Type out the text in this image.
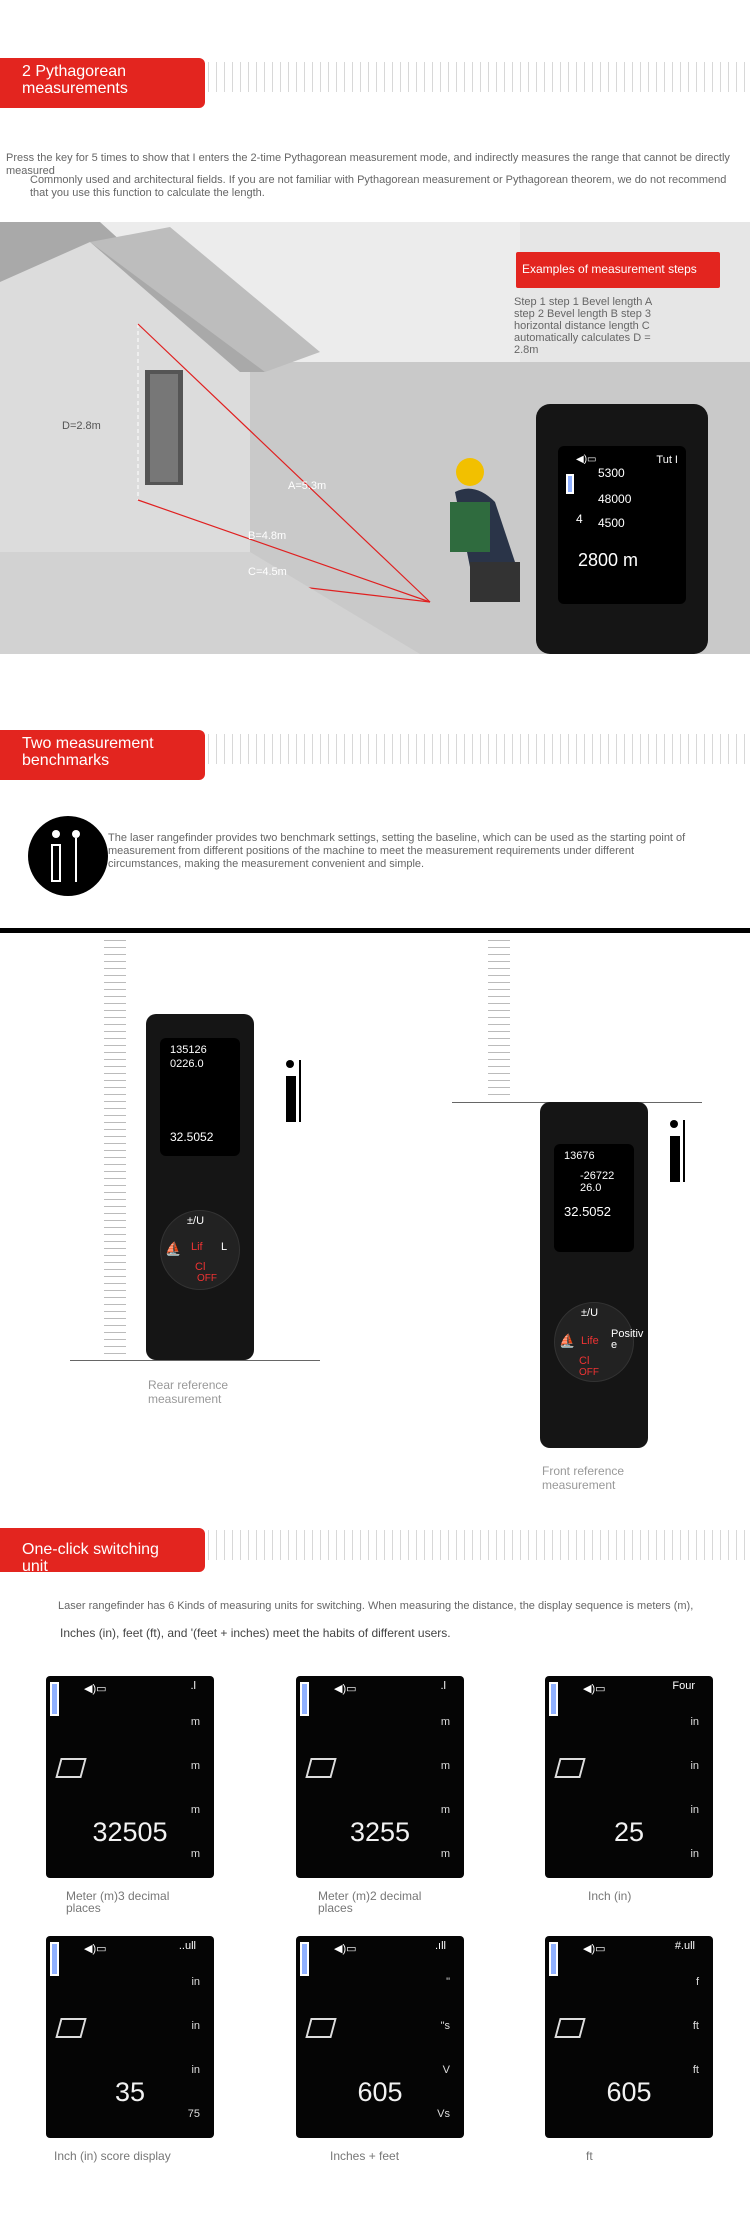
2 Pythagorean
measurements
Press the key for 5 times to show that I enters the 2-time Pythagorean measurement mode, and indirectly measures the range that cannot be directly measured
Commonly used and architectural fields. If you are not familiar with Pythagorean measurement or Pythagorean theorem, we do not recommend that you use this function to calculate the length.
D=2.8m
A=5.3m
B=4.8m
C=4.5m
Examples of measurement steps
Step 1 step 1 Bevel length A step 2 Bevel length B step 3 horizontal distance length C automatically calculates D = 2.8m
◀)▭	Tut I
5300
48000
4 4500
2800 m
Two measurement
benchmarks
The laser rangefinder provides two benchmark settings, setting the baseline, which can be used as the starting point of measurement from different positions of the machine to meet the measurement requirements under different circumstances, making the measurement convenient and simple.
135126
0226.0
32.5052
±/U
⛵ Lif L
Cl
OFF
Rear reference
measurement
13676
-26722
26.0
32.5052
±/U
⛵ Life
Positiv
e
Cl
OFF
Front reference
measurement
One-click switching unit
Laser rangefinder has 6 Kinds of measuring units for switching. When measuring the distance, the display sequence is meters (m),
Inches (in), feet (ft), and '(feet + inches) meet the habits of different users.
◀)▭	.l
m
m
m
m
32505
Meter (m)3 decimal
places
◀)▭	.l
m
m
m
m
3255
Meter (m)2 decimal
places
◀)▭	Four
in
in
in
in
25
Inch (in)
◀)▭	..ull
in
in
in
75
35
Inch (in) score display
◀)▭	.ıll
"
"s
V
Vs
605
Inches + feet
◀)▭	#.ull
f
ft
ft
605
ft
